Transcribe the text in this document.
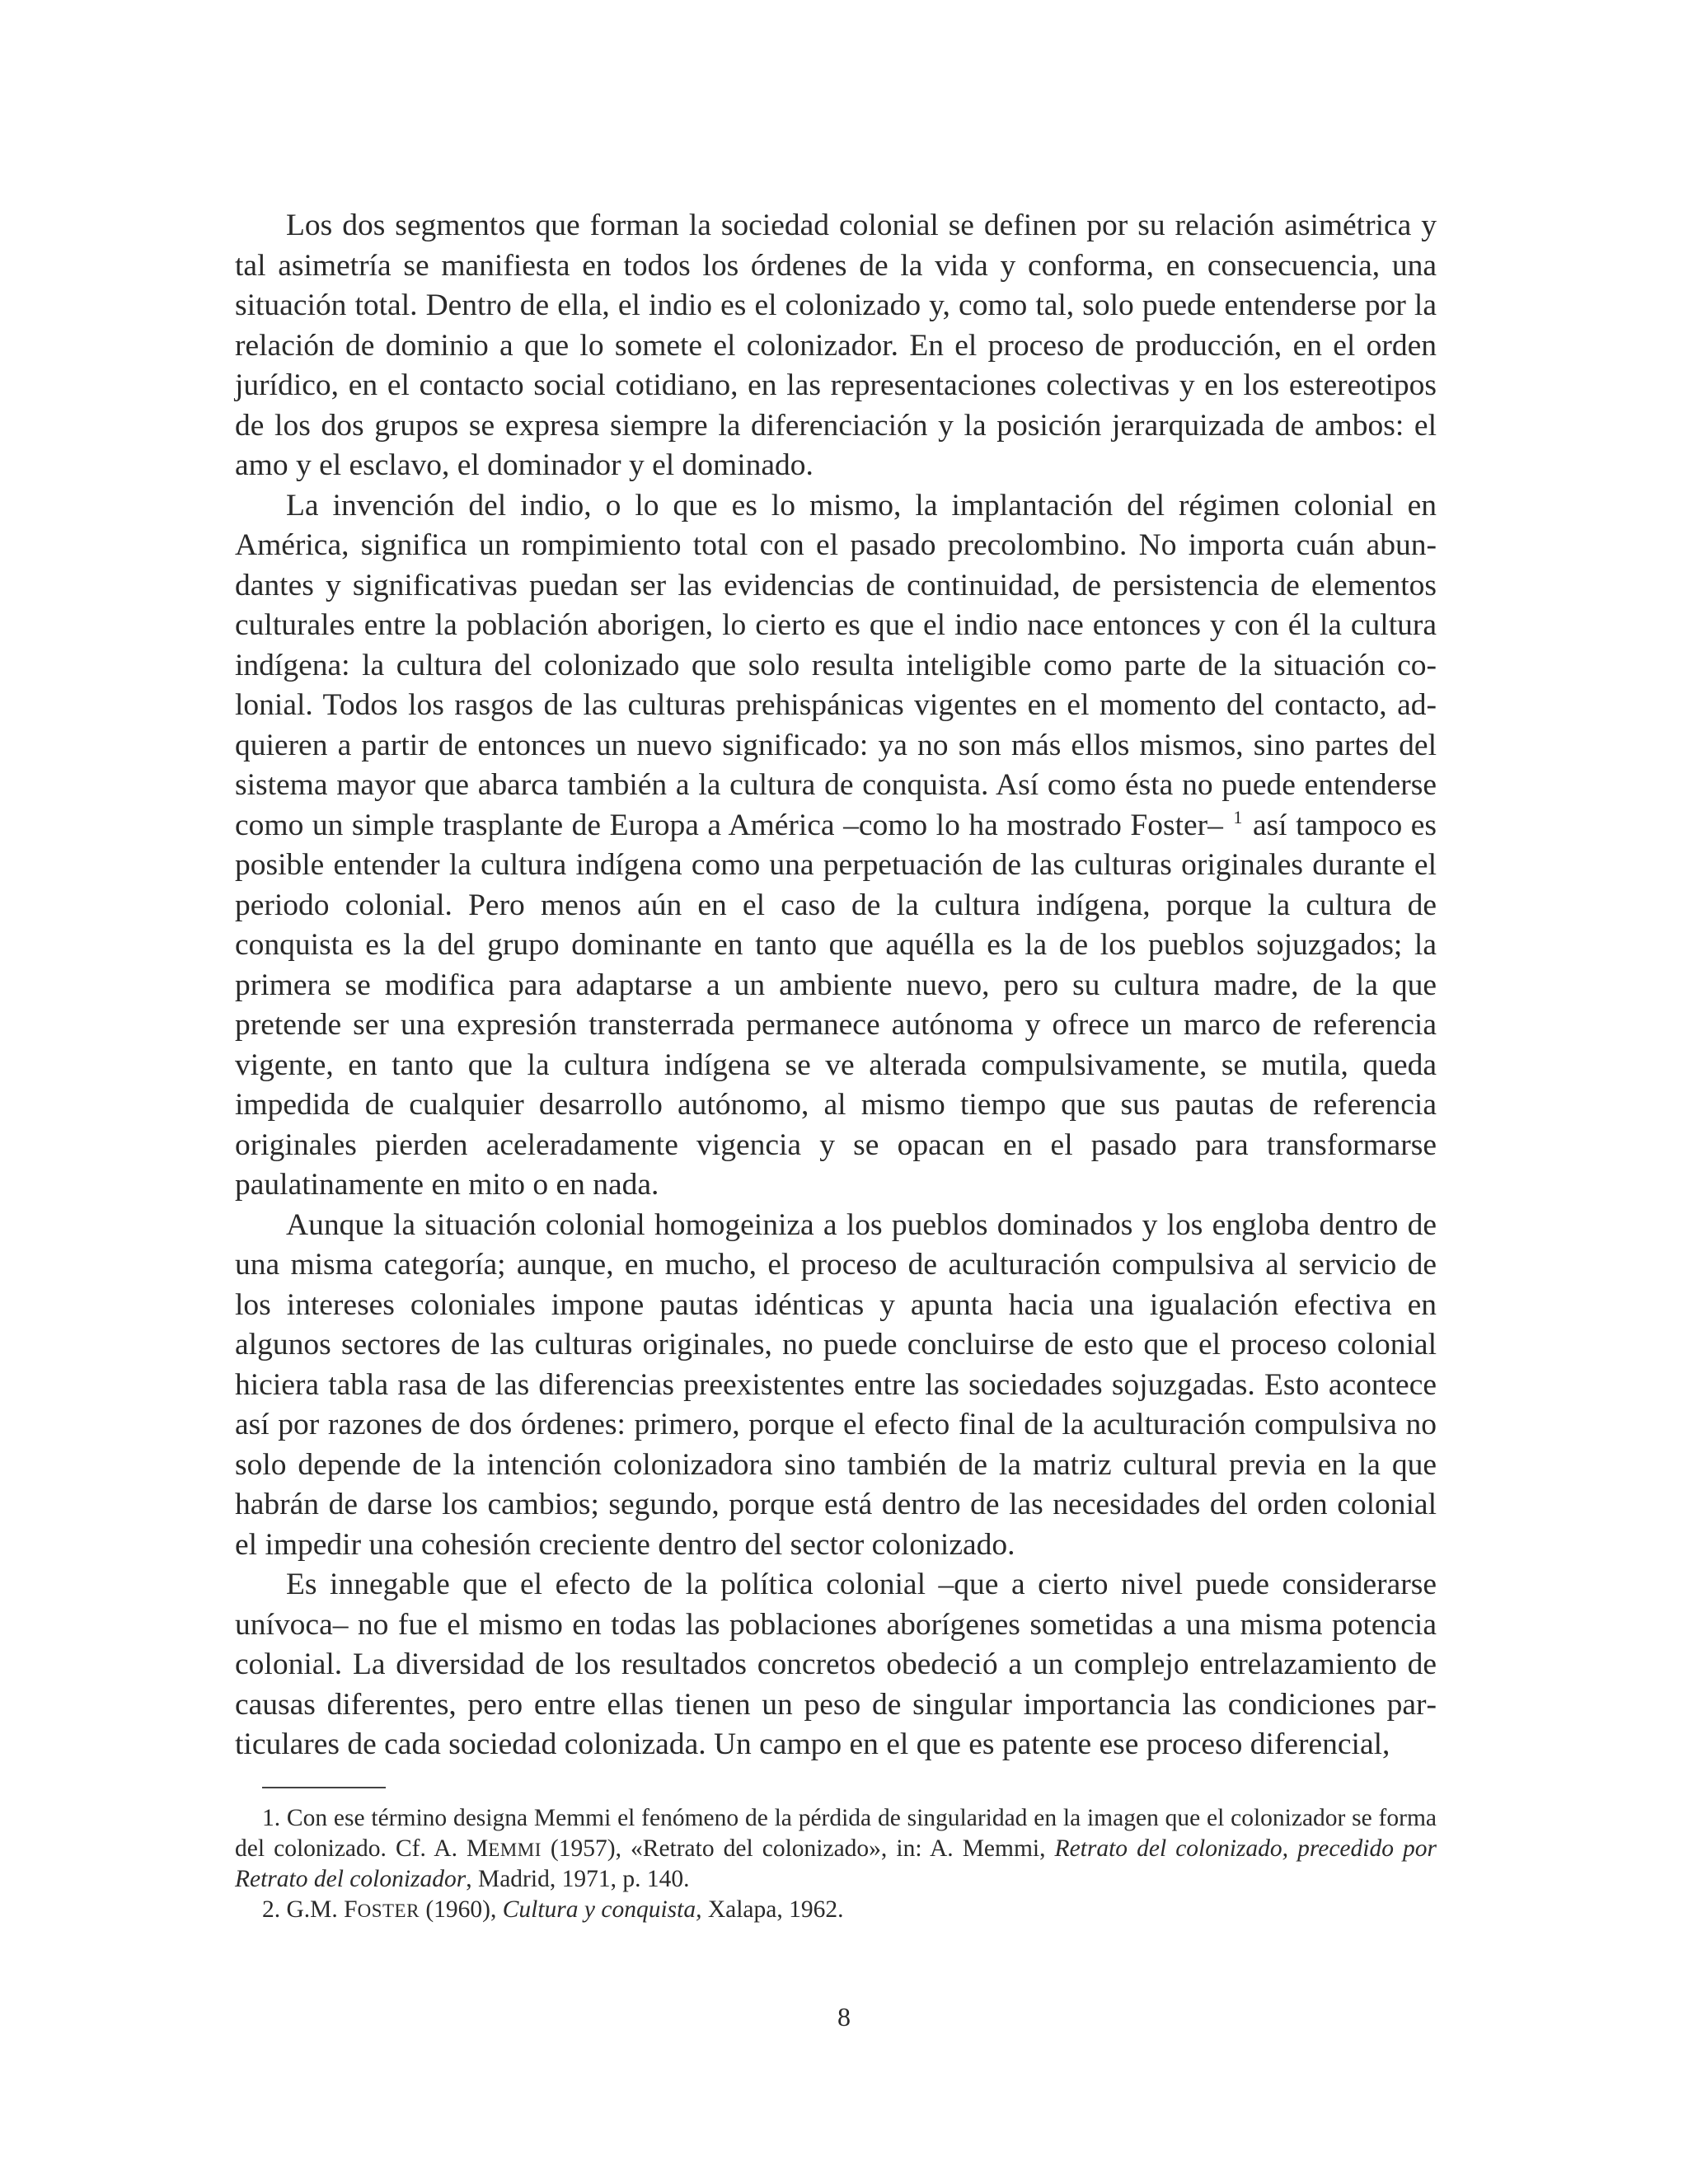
Los dos segmentos que forman la sociedad colonial se definen por su relación asimétrica y tal asimetría se manifiesta en todos los órdenes de la vida y conforma, en consecuencia, una situación total. Dentro de ella, el indio es el colonizado y, como tal, solo puede entenderse por la relación de dominio a que lo somete el colonizador. En el proceso de producción, en el orden jurídico, en el contacto social cotidiano, en las representaciones colectivas y en los estereotipos de los dos grupos se expresa siempre la diferenciación y la posición jerarquizada de ambos: el amo y el esclavo, el dominador y el dominado.

La invención del indio, o lo que es lo mismo, la implantación del régimen colonial en América, significa un rompimiento total con el pasado precolombino. No importa cuán abundantes y significativas puedan ser las evidencias de continuidad, de persistencia de elementos culturales entre la población aborigen, lo cierto es que el indio nace entonces y con él la cultura indígena: la cultura del colonizado que solo resulta inteligible como parte de la situación colonial. Todos los rasgos de las culturas prehispánicas vigentes en el momento del contacto, adquieren a partir de entonces un nuevo significado: ya no son más ellos mismos, sino partes del sistema mayor que abarca también a la cultura de conquista. Así como ésta no puede entenderse como un simple trasplante de Europa a América –como lo ha mostrado Foster– $^1$ así tampoco es posible entender la cultura indígena como una perpetuación de las culturas originales durante el periodo colonial. Pero menos aún en el caso de la cultura indígena, porque la cultura de conquista es la del grupo dominante en tanto que aquélla es la de los pueblos sojuzgados; la primera se modifica para adaptarse a un ambiente nuevo, pero su cultura madre, de la que pretende ser una expresión transterrada permanece autónoma y ofrece un marco de referencia vigente, en tanto que la cultura indígena se ve alterada compulsivamente, se mutila, queda impedida de cualquier desarrollo autónomo, al mismo tiempo que sus pautas de referencia originales pierden aceleradamente vigencia y se opacan en el pasado para transformarse paulatinamente en mito o en nada.

Aunque la situación colonial homogeiniza a los pueblos dominados y los engloba dentro de una misma categoría; aunque, en mucho, el proceso de aculturación compulsiva al servicio de los intereses coloniales impone pautas idénticas y apunta hacia una igualación efectiva en algunos sectores de las culturas originales, no puede concluirse de esto que el proceso colonial hiciera tabla rasa de las diferencias preexistentes entre las sociedades sojuzgadas. Esto acontece así por razones de dos órdenes: primero, porque el efecto final de la aculturación compulsiva no solo depende de la intención colonizadora sino también de la matriz cultural previa en la que habrán de darse los cambios; segundo, porque está dentro de las necesidades del orden colonial el impedir una cohesión creciente dentro del sector colonizado.

Es innegable que el efecto de la política colonial –que a cierto nivel puede considerarse unívoca– no fue el mismo en todas las poblaciones aborígenes sometidas a una misma potencia colonial. La diversidad de los resultados concretos obedeció a un complejo entrelazamiento de causas diferentes, pero entre ellas tienen un peso de singular importancia las condiciones particulares de cada sociedad colonizada. Un campo en el que es patente ese proceso diferencial,

1. Con ese término designa Memmi el fenómeno de la pérdida de singularidad en la imagen que el colonizador se forma del colonizado. Cf. A. MEMMI (1957), «Retrato del colonizado», in: A. Memmi, Retrato del colonizado, precedido por Retrato del colonizador, Madrid, 1971, p. 140.

2. G.M. FOSTER (1960), Cultura y conquista, Xalapa, 1962.

8
